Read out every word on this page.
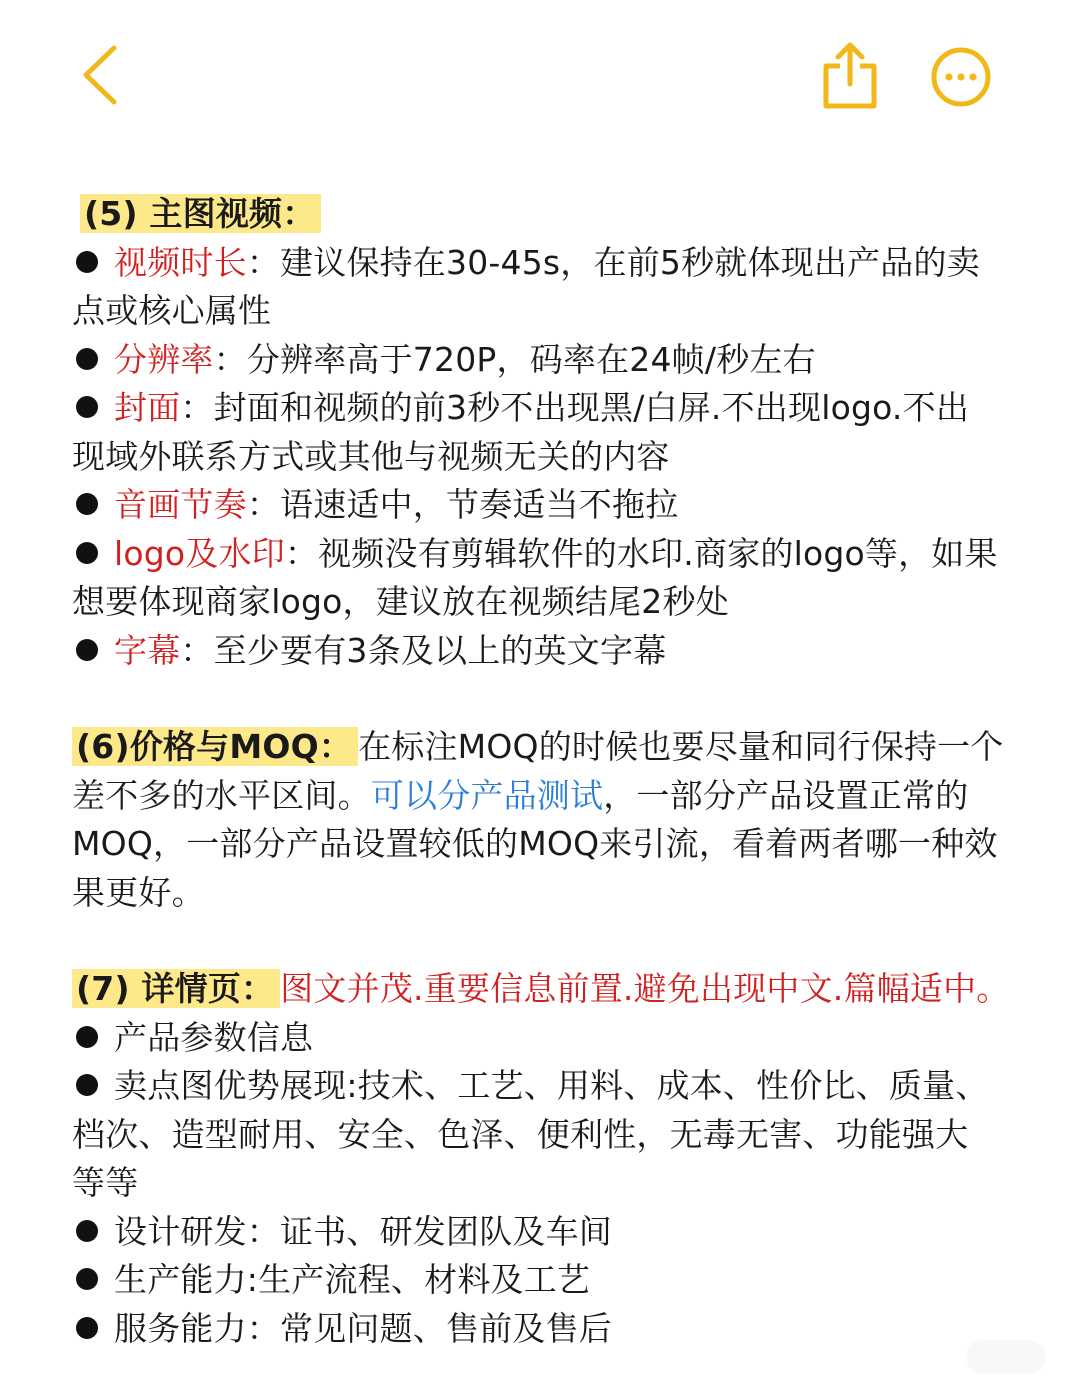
(5) 主图视频：
视频时长：建议保持在30-45s，在前5秒就体现出产品的卖
点或核心属性
分辨率：分辨率高于720P，码率在24帧/秒左右
封面：封面和视频的前3秒不出现黑/白屏.不出现logo.不出
现域外联系方式或其他与视频无关的内容
音画节奏：语速适中，节奏适当不拖拉
logo及水印：视频没有剪辑软件的水印.商家的logo等，如果
想要体现商家logo，建议放在视频结尾2秒处
字幕：至少要有3条及以上的英文字幕
(6)价格与MOQ： 在标注MOQ的时候也要尽量和同行保持一个
差不多的水平区间。可以分产品测试，一部分产品设置正常的
MOQ，一部分产品设置较低的MOQ来引流，看着两者哪一种效
果更好。
(7) 详情页： 图文并茂.重要信息前置.避免出现中文.篇幅适中。
产品参数信息
卖点图优势展现:技术、工艺、用料、成本、性价比、质量、
档次、造型耐用、安全、色泽、便利性，无毒无害、功能强大
等等
设计研发：证书、研发团队及车间
生产能力:生产流程、材料及工艺
服务能力：常见问题、售前及售后
